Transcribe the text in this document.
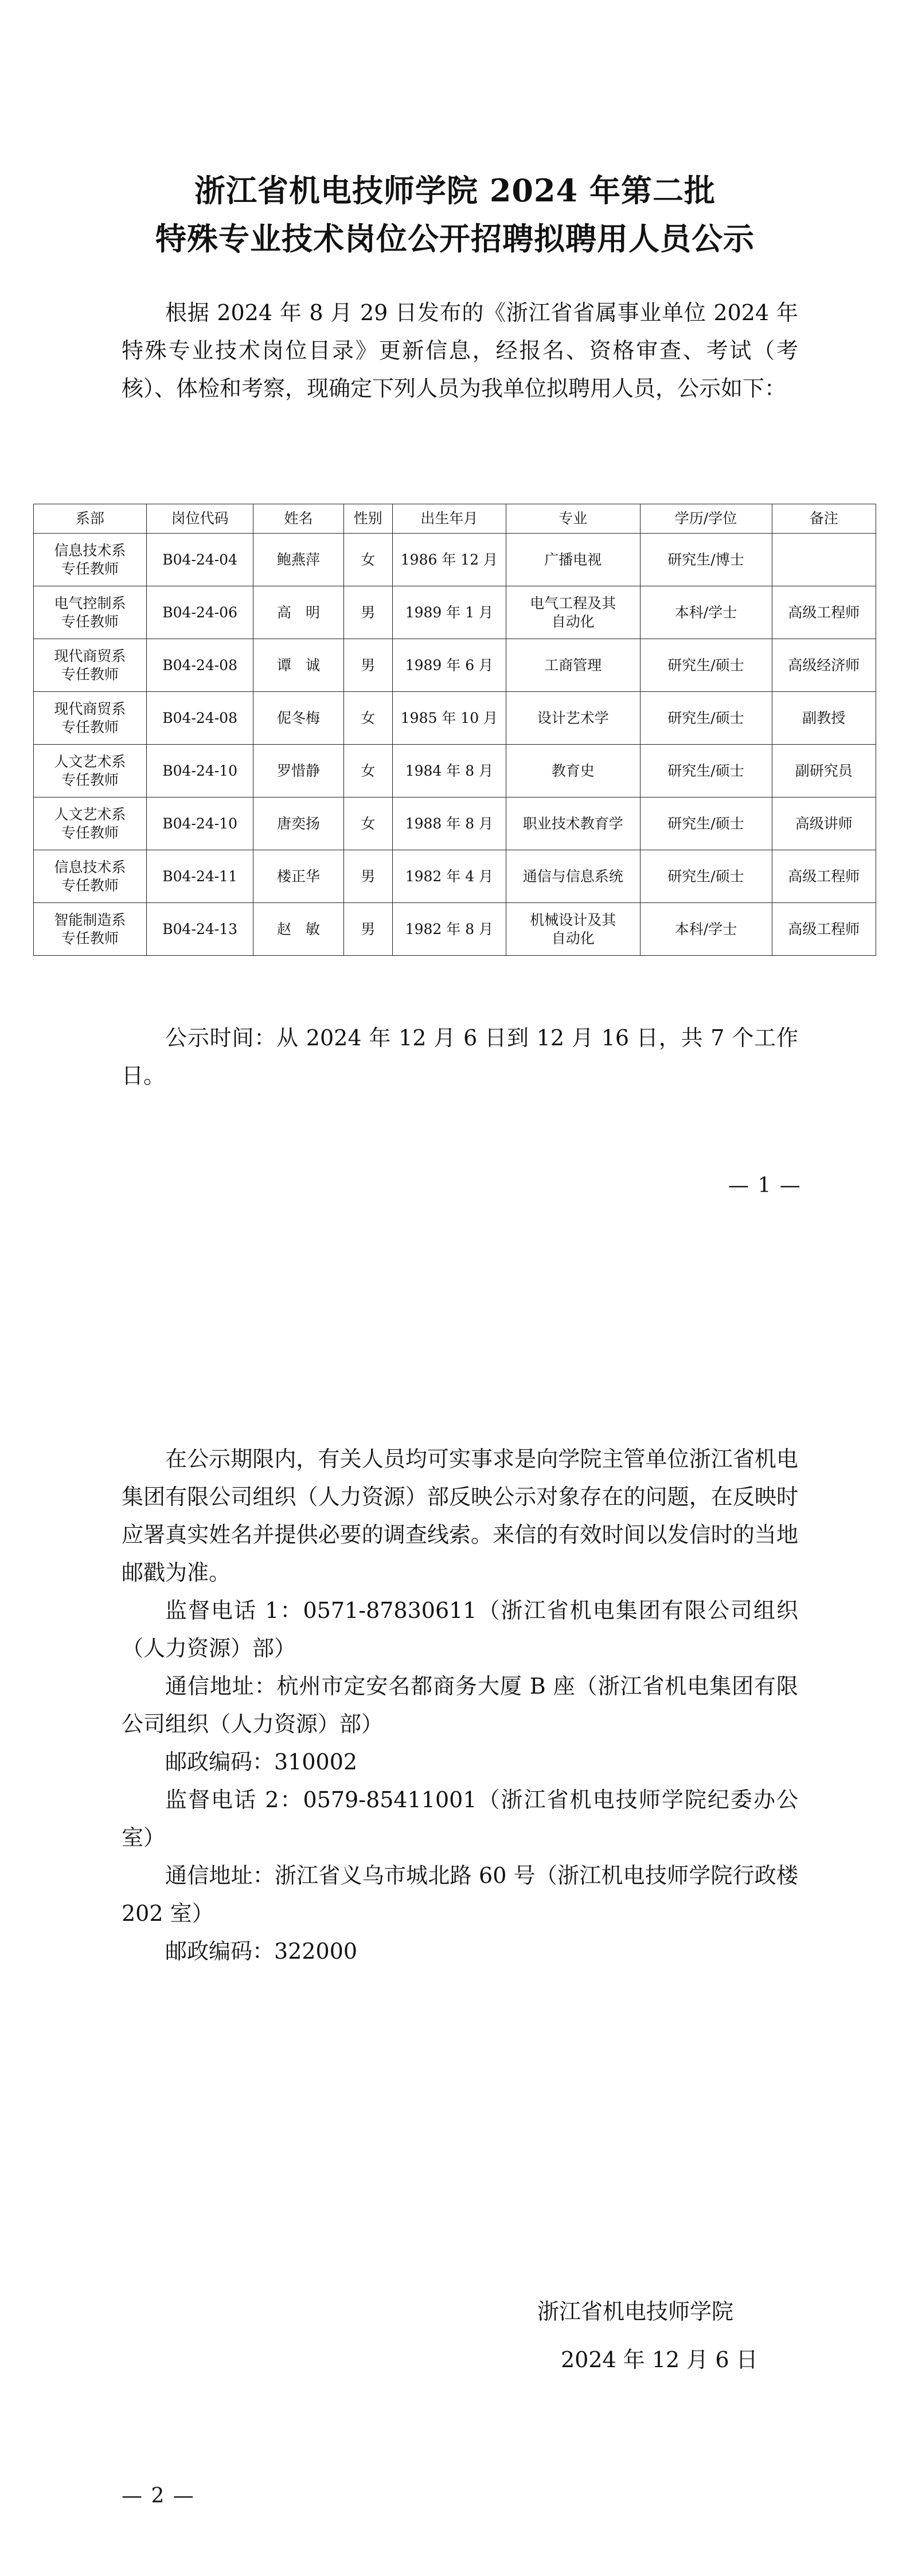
浙江省机电技师学院 2024 年第二批
特殊专业技术岗位公开招聘拟聘用人员公示

根据 2024 年 8 月 29 日发布的《浙江省省属事业单位 2024 年特殊专业技术岗位目录》更新信息，经报名、资格审查、考试（考核）、体检和考察，现确定下列人员为我单位拟聘用人员，公示如下：

系部	岗位代码	姓名	性别	出生年月	专业	学历/学位	备注
信息技术系
专任教师	B04-24-04	鲍燕萍	女	1986 年 12 月	广播电视	研究生/博士	
电气控制系
专任教师	B04-24-06	高　明	男	1989 年 1 月	电气工程及其
自动化	本科/学士	高级工程师
现代商贸系
专任教师	B04-24-08	谭　诚	男	1989 年 6 月	工商管理	研究生/硕士	高级经济师
现代商贸系
专任教师	B04-24-08	伲冬梅	女	1985 年 10 月	设计艺术学	研究生/硕士	副教授
人文艺术系
专任教师	B04-24-10	罗惜静	女	1984 年 8 月	教育史	研究生/硕士	副研究员
人文艺术系
专任教师	B04-24-10	唐奕扬	女	1988 年 8 月	职业技术教育学	研究生/硕士	高级讲师
信息技术系
专任教师	B04-24-11	楼正华	男	1982 年 4 月	通信与信息系统	研究生/硕士	高级工程师
智能制造系
专任教师	B04-24-13	赵　敏	男	1982 年 8 月	机械设计及其
自动化	本科/学士	高级工程师

公示时间：从 2024 年 12 月 6 日到 12 月 16 日，共 7 个工作日。

— 1 —

在公示期限内，有关人员均可实事求是向学院主管单位浙江省机电集团有限公司组织（人力资源）部反映公示对象存在的问题，在反映时应署真实姓名并提供必要的调查线索。来信的有效时间以发信时的当地邮戳为准。

监督电话 1：0571-87830611（浙江省机电集团有限公司组织（人力资源）部）

通信地址：杭州市定安名都商务大厦 B 座（浙江省机电集团有限公司组织（人力资源）部）

邮政编码：310002

监督电话 2：0579-85411001（浙江省机电技师学院纪委办公室）

通信地址：浙江省义乌市城北路 60 号（浙江机电技师学院行政楼 202 室）

邮政编码：322000

浙江省机电技师学院
2024 年 12 月 6 日
— 2 —
